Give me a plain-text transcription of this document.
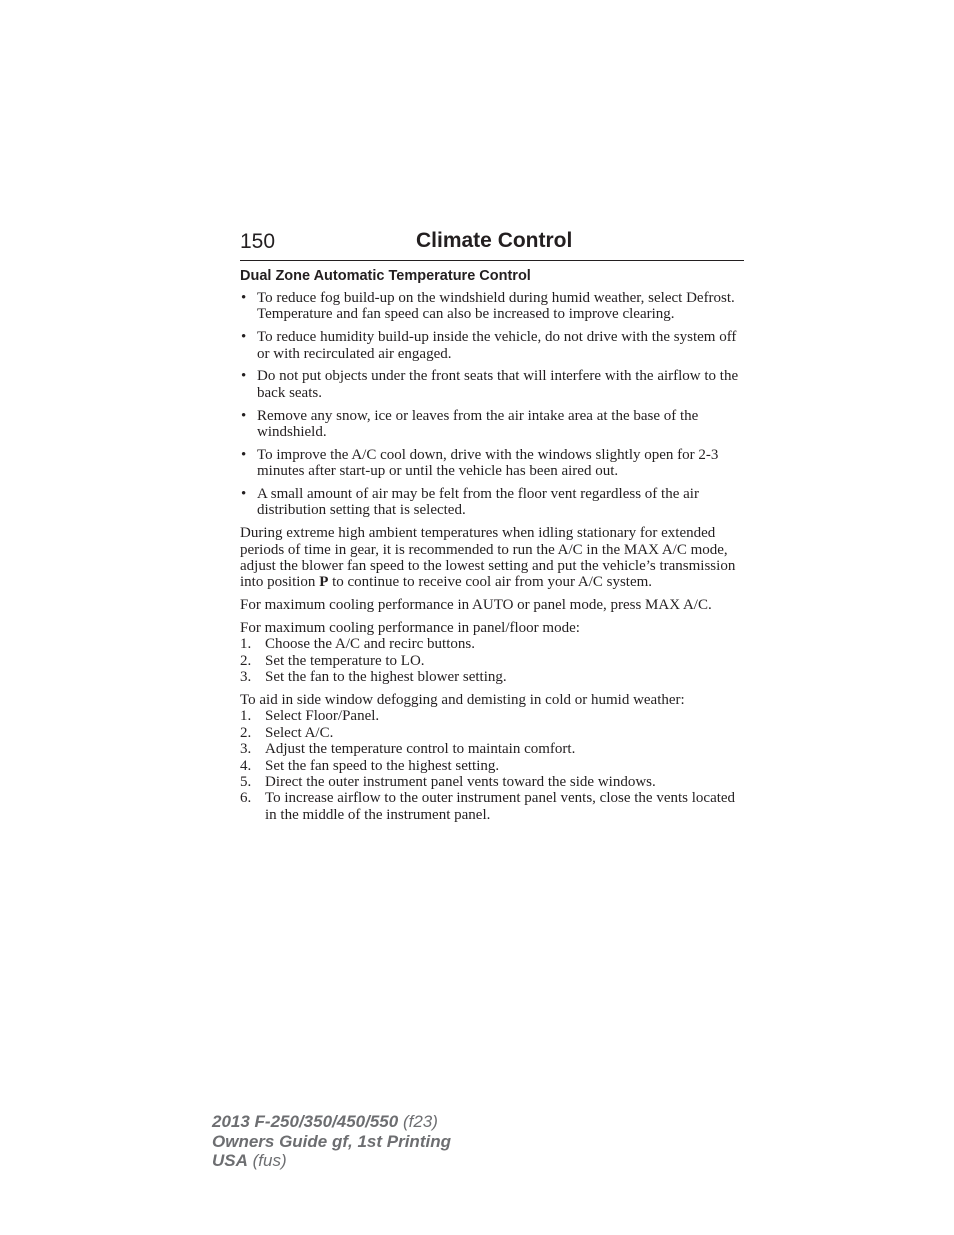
150	Climate Control
Dual Zone Automatic Temperature Control
• To reduce fog build-up on the windshield during humid weather, select Defrost. Temperature and fan speed can also be increased to improve clearing.
• To reduce humidity build-up inside the vehicle, do not drive with the system off or with recirculated air engaged.
• Do not put objects under the front seats that will interfere with the airflow to the back seats.
• Remove any snow, ice or leaves from the air intake area at the base of the windshield.
• To improve the A/C cool down, drive with the windows slightly open for 2-3 minutes after start-up or until the vehicle has been aired out.
• A small amount of air may be felt from the floor vent regardless of the air distribution setting that is selected.

During extreme high ambient temperatures when idling stationary for extended periods of time in gear, it is recommended to run the A/C in the MAX A/C mode, adjust the blower fan speed to the lowest setting and put the vehicle’s transmission into position P to continue to receive cool air from your A/C system.

For maximum cooling performance in AUTO or panel mode, press MAX A/C.

For maximum cooling performance in panel/floor mode:
1. Choose the A/C and recirc buttons.
2. Set the temperature to LO.
3. Set the fan to the highest blower setting.
To aid in side window defogging and demisting in cold or humid weather:
1. Select Floor/Panel.
2. Select A/C.
3. Adjust the temperature control to maintain comfort.
4. Set the fan speed to the highest setting.
5. Direct the outer instrument panel vents toward the side windows.
6. To increase airflow to the outer instrument panel vents, close the vents located in the middle of the instrument panel.
2013 F-250/350/450/550 (f23)
Owners Guide gf, 1st Printing
USA (fus)
